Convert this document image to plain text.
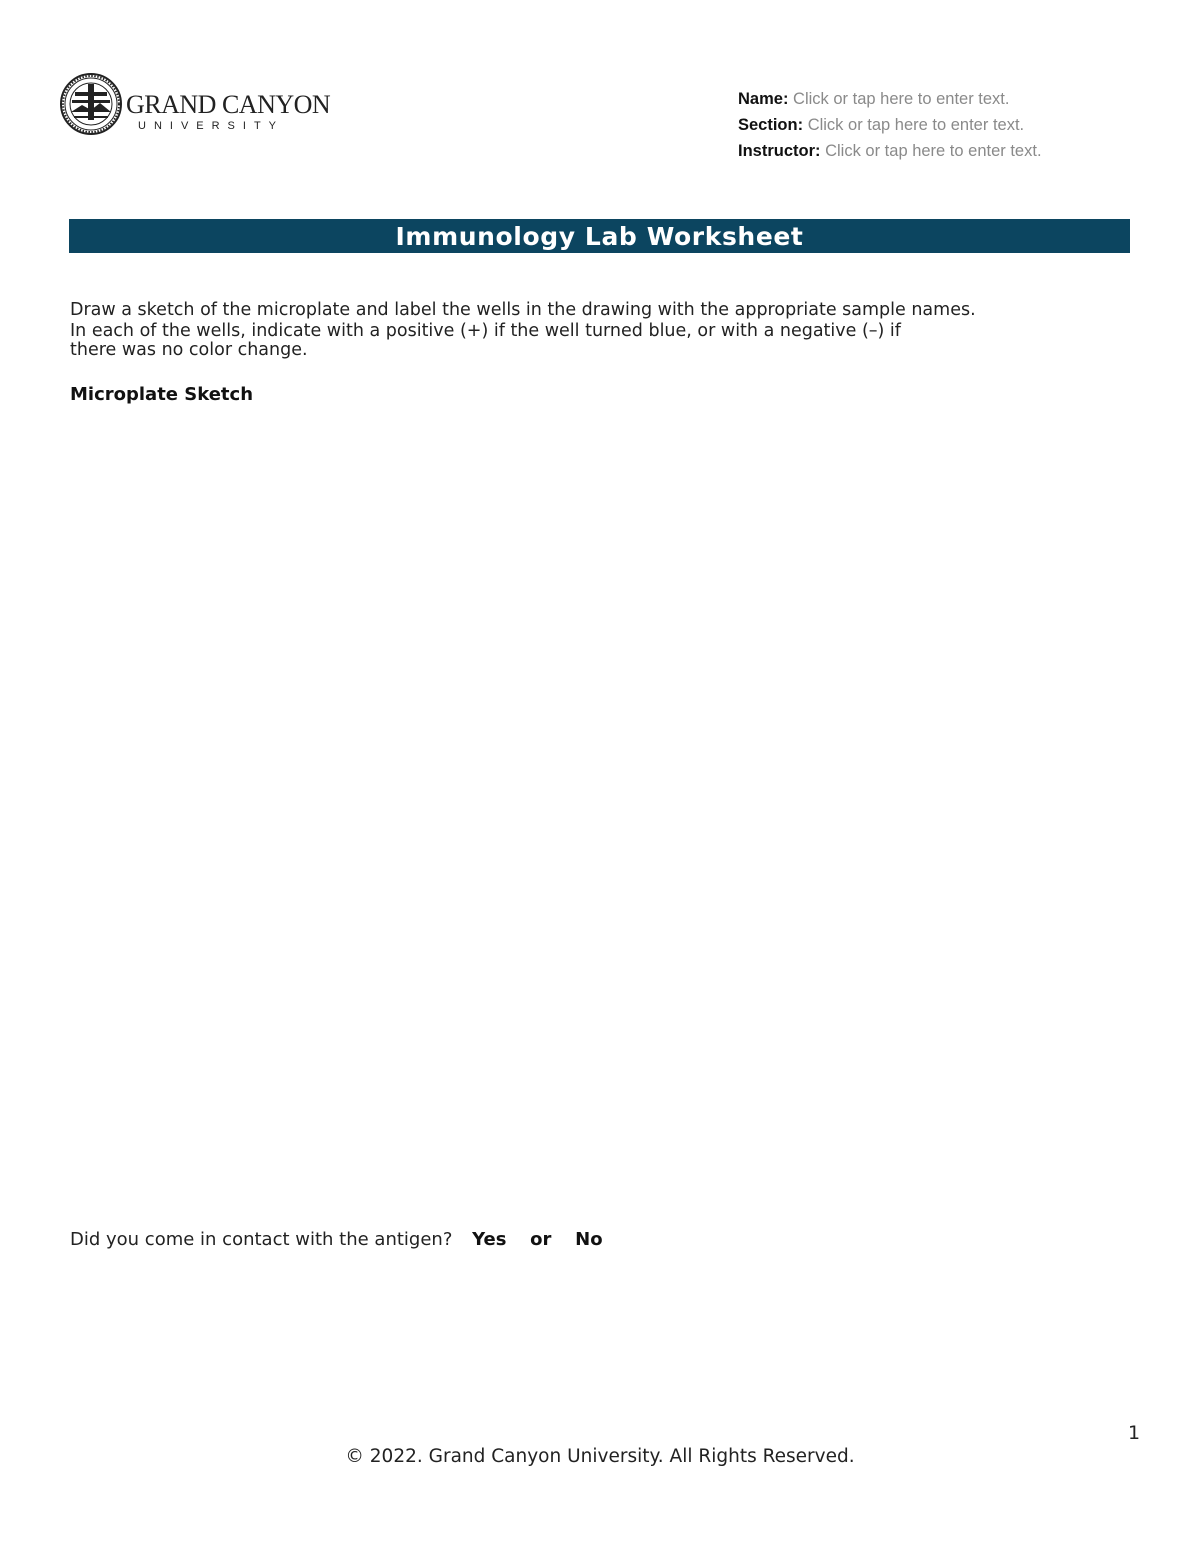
GRAND CANYON
UNIVERSITY
Name: Click or tap here to enter text.
Section: Click or tap here to enter text.
Instructor: Click or tap here to enter text.
Immunology Lab Worksheet
Draw a sketch of the microplate and label the wells in the drawing with the appropriate sample names.
In each of the wells, indicate with a positive (+) if the well turned blue, or with a negative (–) if
there was no color change.
Microplate Sketch
Did you come in contact with the antigen? Yes or No
1
© 2022. Grand Canyon University. All Rights Reserved.
